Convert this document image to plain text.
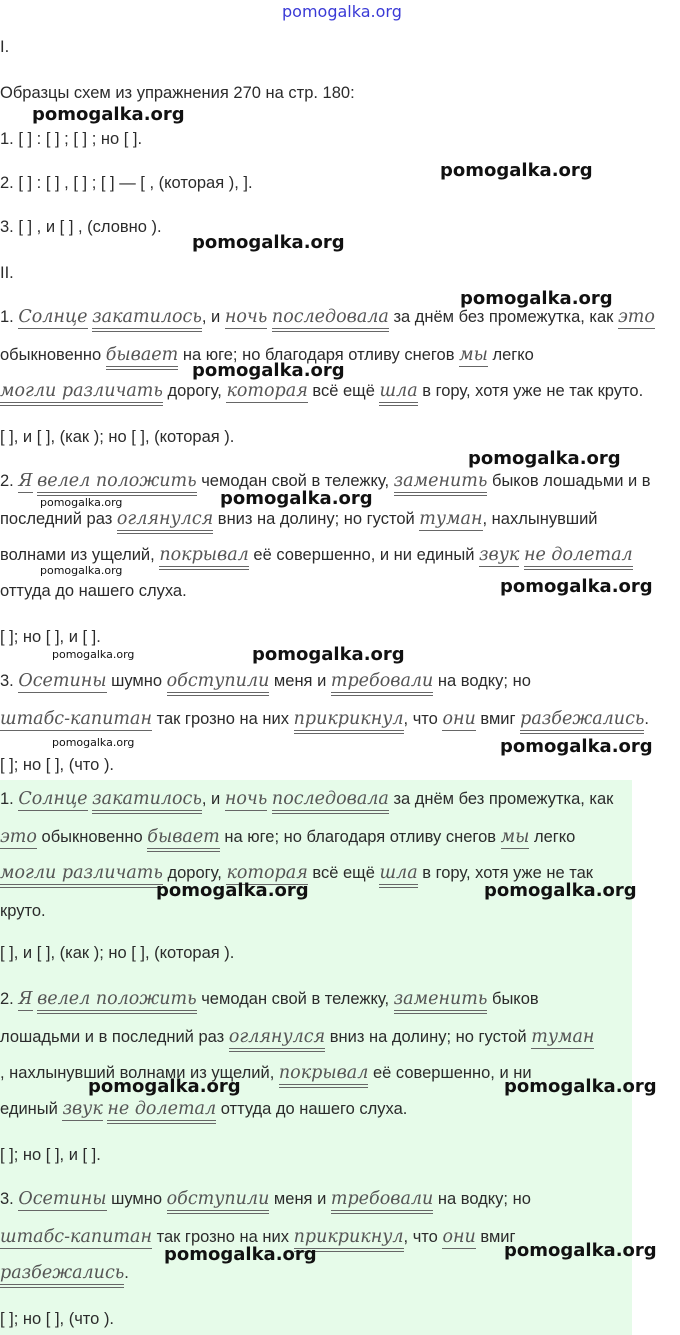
pomogalka.org
I.
Образцы схем из упражнения 270 на стр. 180:
1. [ ] : [ ] ; [ ] ; но [ ].
2. [ ] : [ ] , [ ] ; [ ] — [ , (которая ), ].
3. [ ] , и [ ] , (словно ).
II.
1. Солнце закатилось, и ночь последовала за днём без промежутка, как это
обыкновенно бывает на юге; но благодаря отливу снегов мы легко
могли различать дорогу, которая всё ещё шла в гору, хотя уже не так круто.
[ ], и [ ], (как ); но [ ], (которая ).
2. Я велел положить чемодан свой в тележку, заменить быков лошадьми и в
последний раз оглянулся вниз на долину; но густой туман, нахлынувший
волнами из ущелий, покрывал её совершенно, и ни единый звук не долетал
оттуда до нашего слуха.
[ ]; но [ ], и [ ].
3. Осетины шумно обступили меня и требовали на водку; но
штабс-капитан так грозно на них прикрикнул, что они вмиг разбежались.
[ ]; но [ ], (что ).
1. Солнце закатилось, и ночь последовала за днём без промежутка, как
это обыкновенно бывает на юге; но благодаря отливу снегов мы легко
могли различать дорогу, которая всё ещё шла в гору, хотя уже не так
круто.
[ ], и [ ], (как ); но [ ], (которая ).
2. Я велел положить чемодан свой в тележку, заменить быков
лошадьми и в последний раз оглянулся вниз на долину; но густой туман
, нахлынувший волнами из ущелий, покрывал её совершенно, и ни
единый звук не долетал оттуда до нашего слуха.
[ ]; но [ ], и [ ].
3. Осетины шумно обступили меня и требовали на водку; но
штабс-капитан так грозно на них прикрикнул, что они вмиг
разбежались.
[ ]; но [ ], (что ).
pomogalka.org
pomogalka.org
pomogalka.org
pomogalka.org
pomogalka.org
pomogalka.org
pomogalka.org
pomogalka.org
pomogalka.org
pomogalka.org
pomogalka.org	pomogalka.org
pomogalka.org	pomogalka.org
pomogalka.org	pomogalka.org
pomogalka.org	pomogalka.org
pomogalka.org	pomogalka.org
